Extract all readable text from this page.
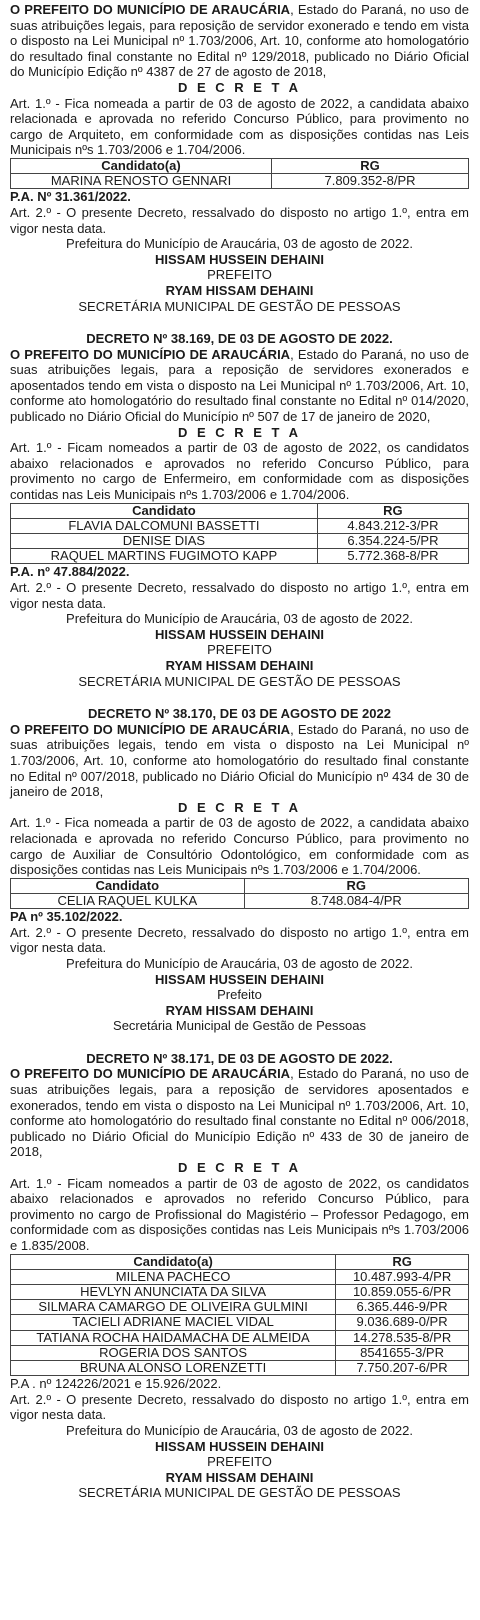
O PREFEITO DO MUNICÍPIO DE ARAUCÁRIA, Estado do Paraná, no uso de suas atribuições legais, para reposição de servidor exonerado e tendo em vista o disposto na Lei Municipal nº 1.703/2006, Art. 10, conforme ato homologatório do resultado final constante no Edital nº 129/2018, publicado no Diário Oficial do Município Edição nº 4387 de 27 de agosto de 2018,

D E C R E T A

Art. 1.º - Fica nomeada a partir de 03 de agosto de 2022, a candidata abaixo relacionada e aprovada no referido Concurso Público, para provimento no cargo de Arquiteto, em conformidade com as disposições contidas nas Leis Municipais nºs 1.703/2006 e 1.704/2006.

Candidato(a)	RG
MARINA RENOSTO GENNARI	7.809.352-8/PR

P.A. Nº 31.361/2022.

Art. 2.º - O presente Decreto, ressalvado do disposto no artigo 1.º, entra em vigor nesta data.

Prefeitura do Município de Araucária, 03 de agosto de 2022.

HISSAM HUSSEIN DEHAINI

PREFEITO

RYAM HISSAM DEHAINI

SECRETÁRIA MUNICIPAL DE GESTÃO DE PESSOAS

DECRETO Nº 38.169, DE 03 DE AGOSTO DE 2022.

O PREFEITO DO MUNICÍPIO DE ARAUCÁRIA, Estado do Paraná, no uso de suas atribuições legais, para a reposição de servidores exonerados e aposentados tendo em vista o disposto na Lei Municipal nº 1.703/2006, Art. 10, conforme ato homologatório do resultado final constante no Edital nº 014/2020, publicado no Diário Oficial do Município nº 507 de 17 de janeiro de 2020,

D E C R E T A

Art. 1.º - Ficam nomeados a partir de 03 de agosto de 2022, os candidatos abaixo relacionados e aprovados no referido Concurso Público, para provimento no cargo de Enfermeiro, em conformidade com as disposições contidas nas Leis Municipais nºs 1.703/2006 e 1.704/2006.

Candidato	RG
FLAVIA DALCOMUNI BASSETTI	4.843.212-3/PR
DENISE DIAS	6.354.224-5/PR
RAQUEL MARTINS FUGIMOTO KAPP	5.772.368-8/PR

P.A. nº 47.884/2022.

Art. 2.º - O presente Decreto, ressalvado do disposto no artigo 1.º, entra em vigor nesta data.

Prefeitura do Município de Araucária, 03 de agosto de 2022.

HISSAM HUSSEIN DEHAINI

PREFEITO

RYAM HISSAM DEHAINI

SECRETÁRIA MUNICIPAL DE GESTÃO DE PESSOAS

DECRETO Nº 38.170, DE 03 DE AGOSTO DE 2022

O PREFEITO DO MUNICÍPIO DE ARAUCÁRIA, Estado do Paraná, no uso de suas atribuições legais, tendo em vista o disposto na Lei Municipal nº 1.703/2006, Art. 10, conforme ato homologatório do resultado final constante no Edital nº 007/2018, publicado no Diário Oficial do Município nº 434 de 30 de janeiro de 2018,

D E C R E T A

Art. 1.º - Fica nomeada a partir de 03 de agosto de 2022, a candidata abaixo relacionada e aprovada no referido Concurso Público, para provimento no cargo de Auxiliar de Consultório Odontológico, em conformidade com as disposições contidas nas Leis Municipais nºs 1.703/2006 e 1.704/2006.

Candidato	RG
CELIA RAQUEL KULKA	8.748.084-4/PR

PA nº 35.102/2022.

Art. 2.º - O presente Decreto, ressalvado do disposto no artigo 1.º, entra em vigor nesta data.

Prefeitura do Município de Araucária, 03 de agosto de 2022.

HISSAM HUSSEIN DEHAINI

Prefeito

RYAM HISSAM DEHAINI

Secretária Municipal de Gestão de Pessoas

DECRETO Nº 38.171, DE 03 DE AGOSTO DE 2022.

O PREFEITO DO MUNICÍPIO DE ARAUCÁRIA, Estado do Paraná, no uso de suas atribuições legais, para a reposição de servidores aposentados e exonerados, tendo em vista o disposto na Lei Municipal nº 1.703/2006, Art. 10, conforme ato homologatório do resultado final constante no Edital nº 006/2018, publicado no Diário Oficial do Município Edição nº 433 de 30 de janeiro de 2018,

D E C R E T A

Art. 1.º - Ficam nomeados a partir de 03 de agosto de 2022, os candidatos abaixo relacionados e aprovados no referido Concurso Público, para provimento no cargo de Profissional do Magistério – Professor Pedagogo, em conformidade com as disposições contidas nas Leis Municipais nºs 1.703/2006 e 1.835/2008.

Candidato(a)	RG
MILENA PACHECO	10.487.993-4/PR
HEVLYN ANUNCIATA DA SILVA	10.859.055-6/PR
SILMARA CAMARGO DE OLIVEIRA GULMINI	6.365.446-9/PR
TACIELI ADRIANE MACIEL VIDAL	9.036.689-0/PR
TATIANA ROCHA HAIDAMACHA DE ALMEIDA	14.278.535-8/PR
ROGERIA DOS SANTOS	8541655-3/PR
BRUNA ALONSO LORENZETTI	7.750.207-6/PR

P.A . nº 124226/2021 e 15.926/2022.

Art. 2.º - O presente Decreto, ressalvado do disposto no artigo 1.º, entra em vigor nesta data.

Prefeitura do Município de Araucária, 03 de agosto de 2022.

HISSAM HUSSEIN DEHAINI

PREFEITO

RYAM HISSAM DEHAINI

SECRETÁRIA MUNICIPAL DE GESTÃO DE PESSOAS
